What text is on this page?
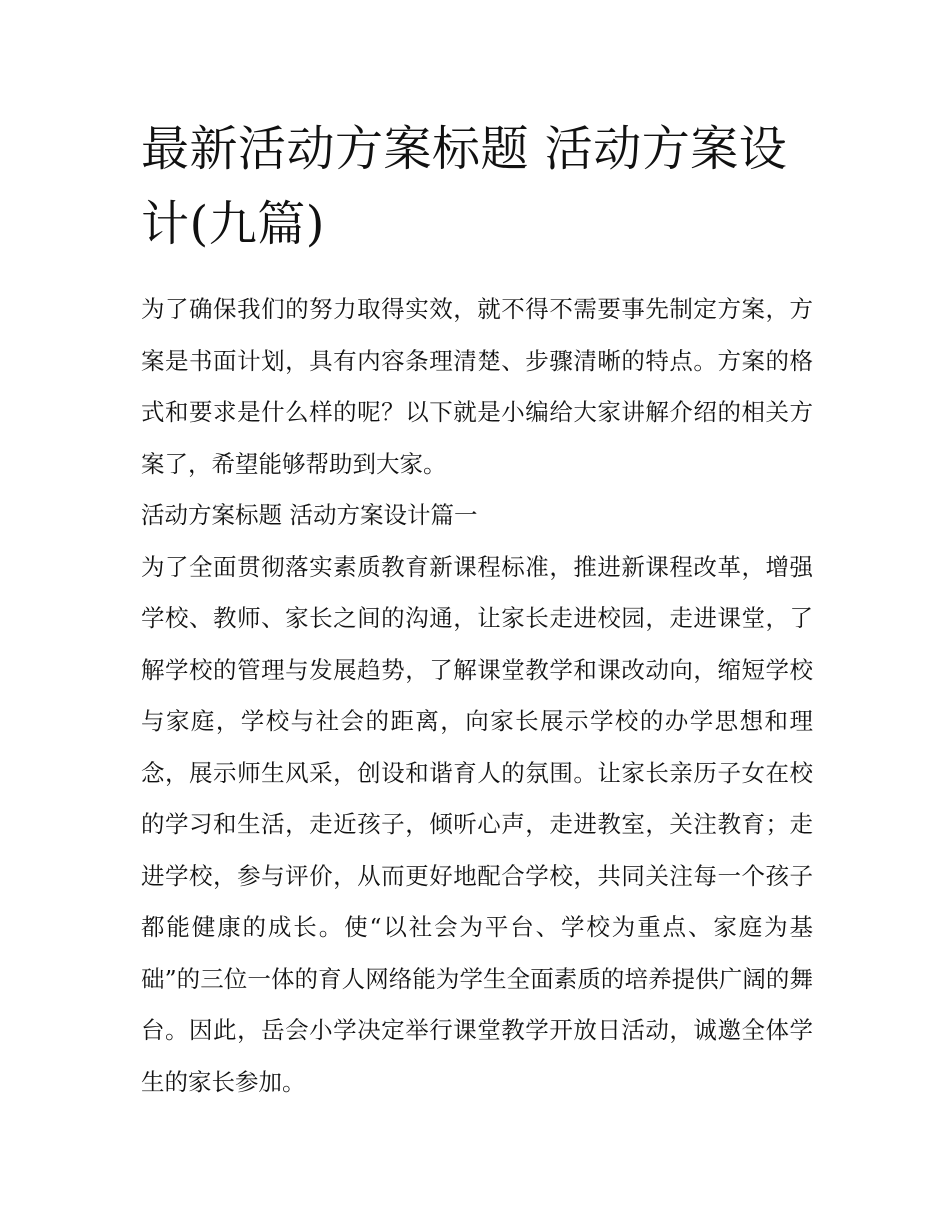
最新活动方案标题 活动方案设计(九篇)

为了确保我们的努力取得实效，就不得不需要事先制定方案，方案是书面计划，具有内容条理清楚、步骤清晰的特点。方案的格式和要求是什么样的呢？以下就是小编给大家讲解介绍的相关方案了，希望能够帮助到大家。

活动方案标题 活动方案设计篇一

为了全面贯彻落实素质教育新课程标准，推进新课程改革，增强学校、教师、家长之间的沟通，让家长走进校园，走进课堂，了解学校的管理与发展趋势，了解课堂教学和课改动向，缩短学校与家庭，学校与社会的距离，向家长展示学校的办学思想和理念，展示师生风采，创设和谐育人的氛围。让家长亲历子女在校的学习和生活，走近孩子，倾听心声，走进教室，关注教育；走进学校，参与评价，从而更好地配合学校，共同关注每一个孩子都能健康的成长。使“以社会为平台、学校为重点、家庭为基础”的三位一体的育人网络能为学生全面素质的培养提供广阔的舞台。因此，岳会小学决定举行课堂教学开放日活动，诚邀全体学生的家长参加。
